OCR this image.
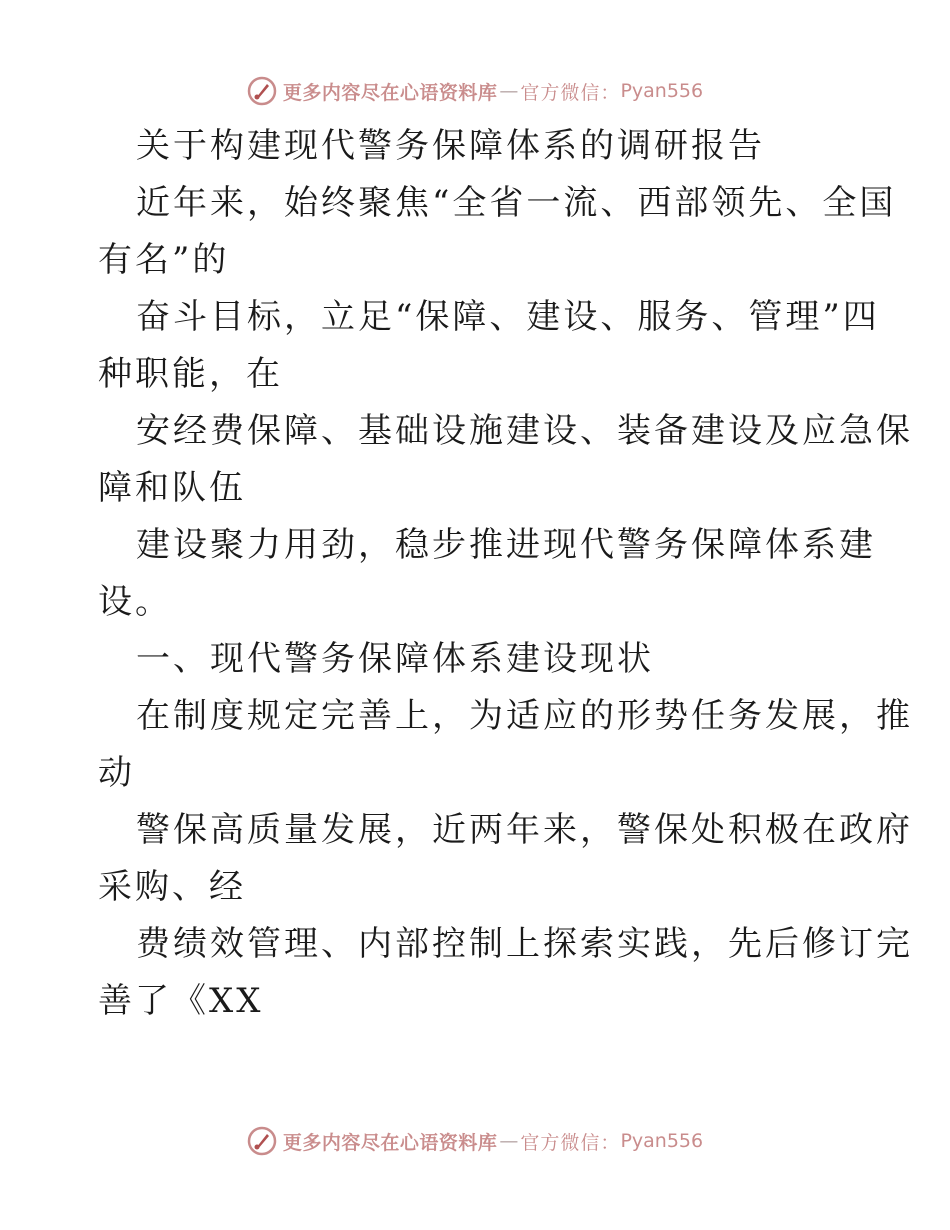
更多内容尽在心语资料库 — 官方微信： Pyan556
关于构建现代警务保障体系的调研报告
近年来，始终聚焦“全省一流、西部领先、全国
有名”的
奋斗目标，立足“保障、建设、服务、管理”四
种职能，在
安经费保障、基础设施建设、装备建设及应急保
障和队伍
建设聚力用劲，稳步推进现代警务保障体系建
设。
一、现代警务保障体系建设现状
在制度规定完善上，为适应的形势任务发展，推
动
警保高质量发展，近两年来，警保处积极在政府
采购、经
费绩效管理、内部控制上探索实践，先后修订完
善了《XX
更多内容尽在心语资料库 — 官方微信： Pyan556
